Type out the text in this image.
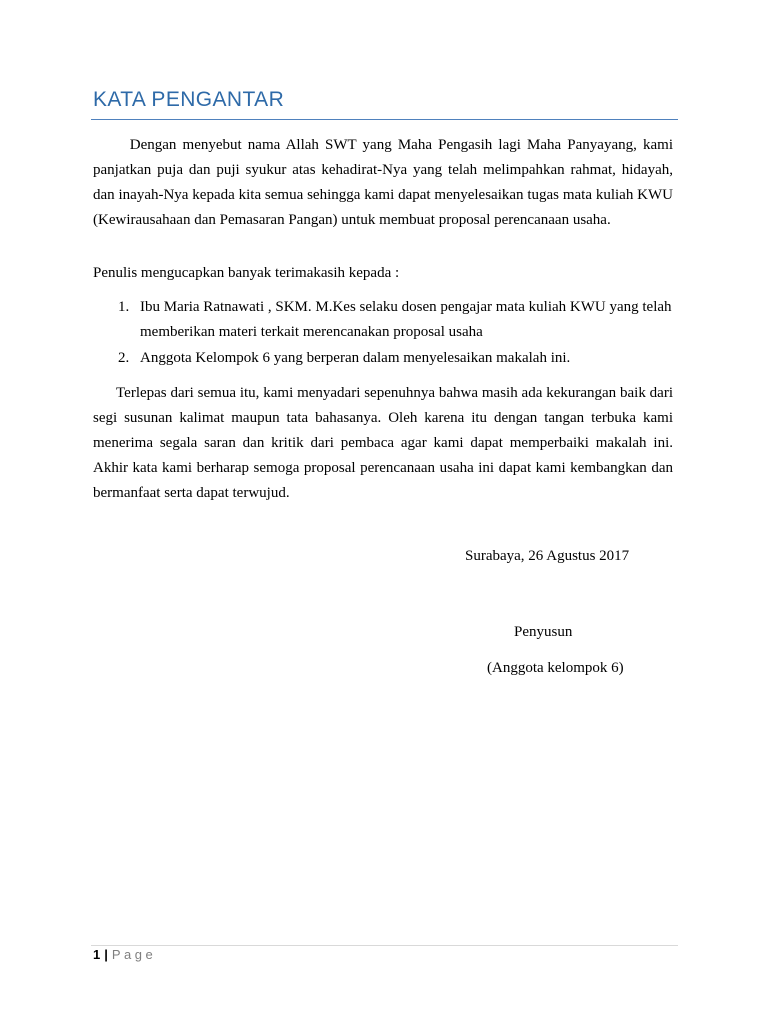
KATA PENGANTAR

Dengan menyebut nama Allah SWT yang Maha Pengasih lagi Maha Panyayang, kami panjatkan puja dan puji syukur atas kehadirat-Nya yang telah melimpahkan rahmat, hidayah, dan inayah-Nya kepada kita semua sehingga kami dapat menyelesaikan tugas mata kuliah KWU (Kewirausahaan dan Pemasaran Pangan) untuk membuat proposal perencanaan usaha.

Penulis mengucapkan banyak terimakasih kepada :

1. Ibu Maria Ratnawati , SKM. M.Kes selaku dosen pengajar mata kuliah KWU yang telah memberikan materi terkait merencanakan proposal usaha
2. Anggota Kelompok 6 yang berperan dalam menyelesaikan makalah ini.

Terlepas dari semua itu, kami menyadari sepenuhnya bahwa masih ada kekurangan baik dari segi susunan kalimat maupun tata bahasanya. Oleh karena itu dengan tangan terbuka kami menerima segala saran dan kritik dari pembaca agar kami dapat memperbaiki makalah ini. Akhir kata kami berharap semoga proposal perencanaan usaha ini dapat kami kembangkan dan bermanfaat serta dapat terwujud.

Surabaya, 26 Agustus 2017

Penyusun

(Anggota kelompok 6)

1 | Page
